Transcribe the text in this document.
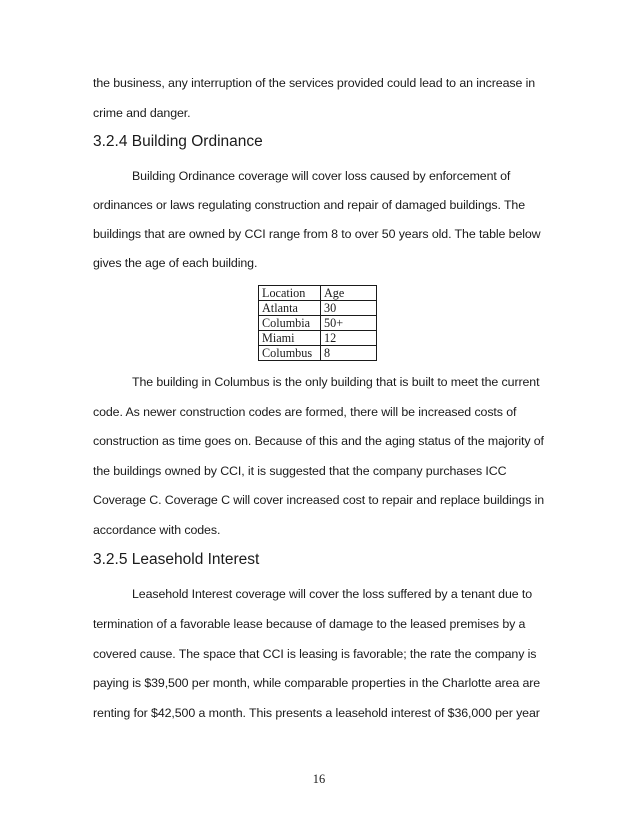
the business, any interruption of the services provided could lead to an increase in
crime and danger.
3.2.4 Building Ordinance
Building Ordinance coverage will cover loss caused by enforcement of
ordinances or laws regulating construction and repair of damaged buildings. The
buildings that are owned by CCI range from 8 to over 50 years old. The table below
gives the age of each building.
Location	Age
Atlanta	30
Columbia	50+
Miami	12
Columbus	8
The building in Columbus is the only building that is built to meet the current
code. As newer construction codes are formed, there will be increased costs of
construction as time goes on. Because of this and the aging status of the majority of
the buildings owned by CCI, it is suggested that the company purchases ICC
Coverage C. Coverage C will cover increased cost to repair and replace buildings in
accordance with codes.
3.2.5 Leasehold Interest
Leasehold Interest coverage will cover the loss suffered by a tenant due to
termination of a favorable lease because of damage to the leased premises by a
covered cause. The space that CCI is leasing is favorable; the rate the company is
paying is $39,500 per month, while comparable properties in the Charlotte area are
renting for $42,500 a month. This presents a leasehold interest of $36,000 per year
16
